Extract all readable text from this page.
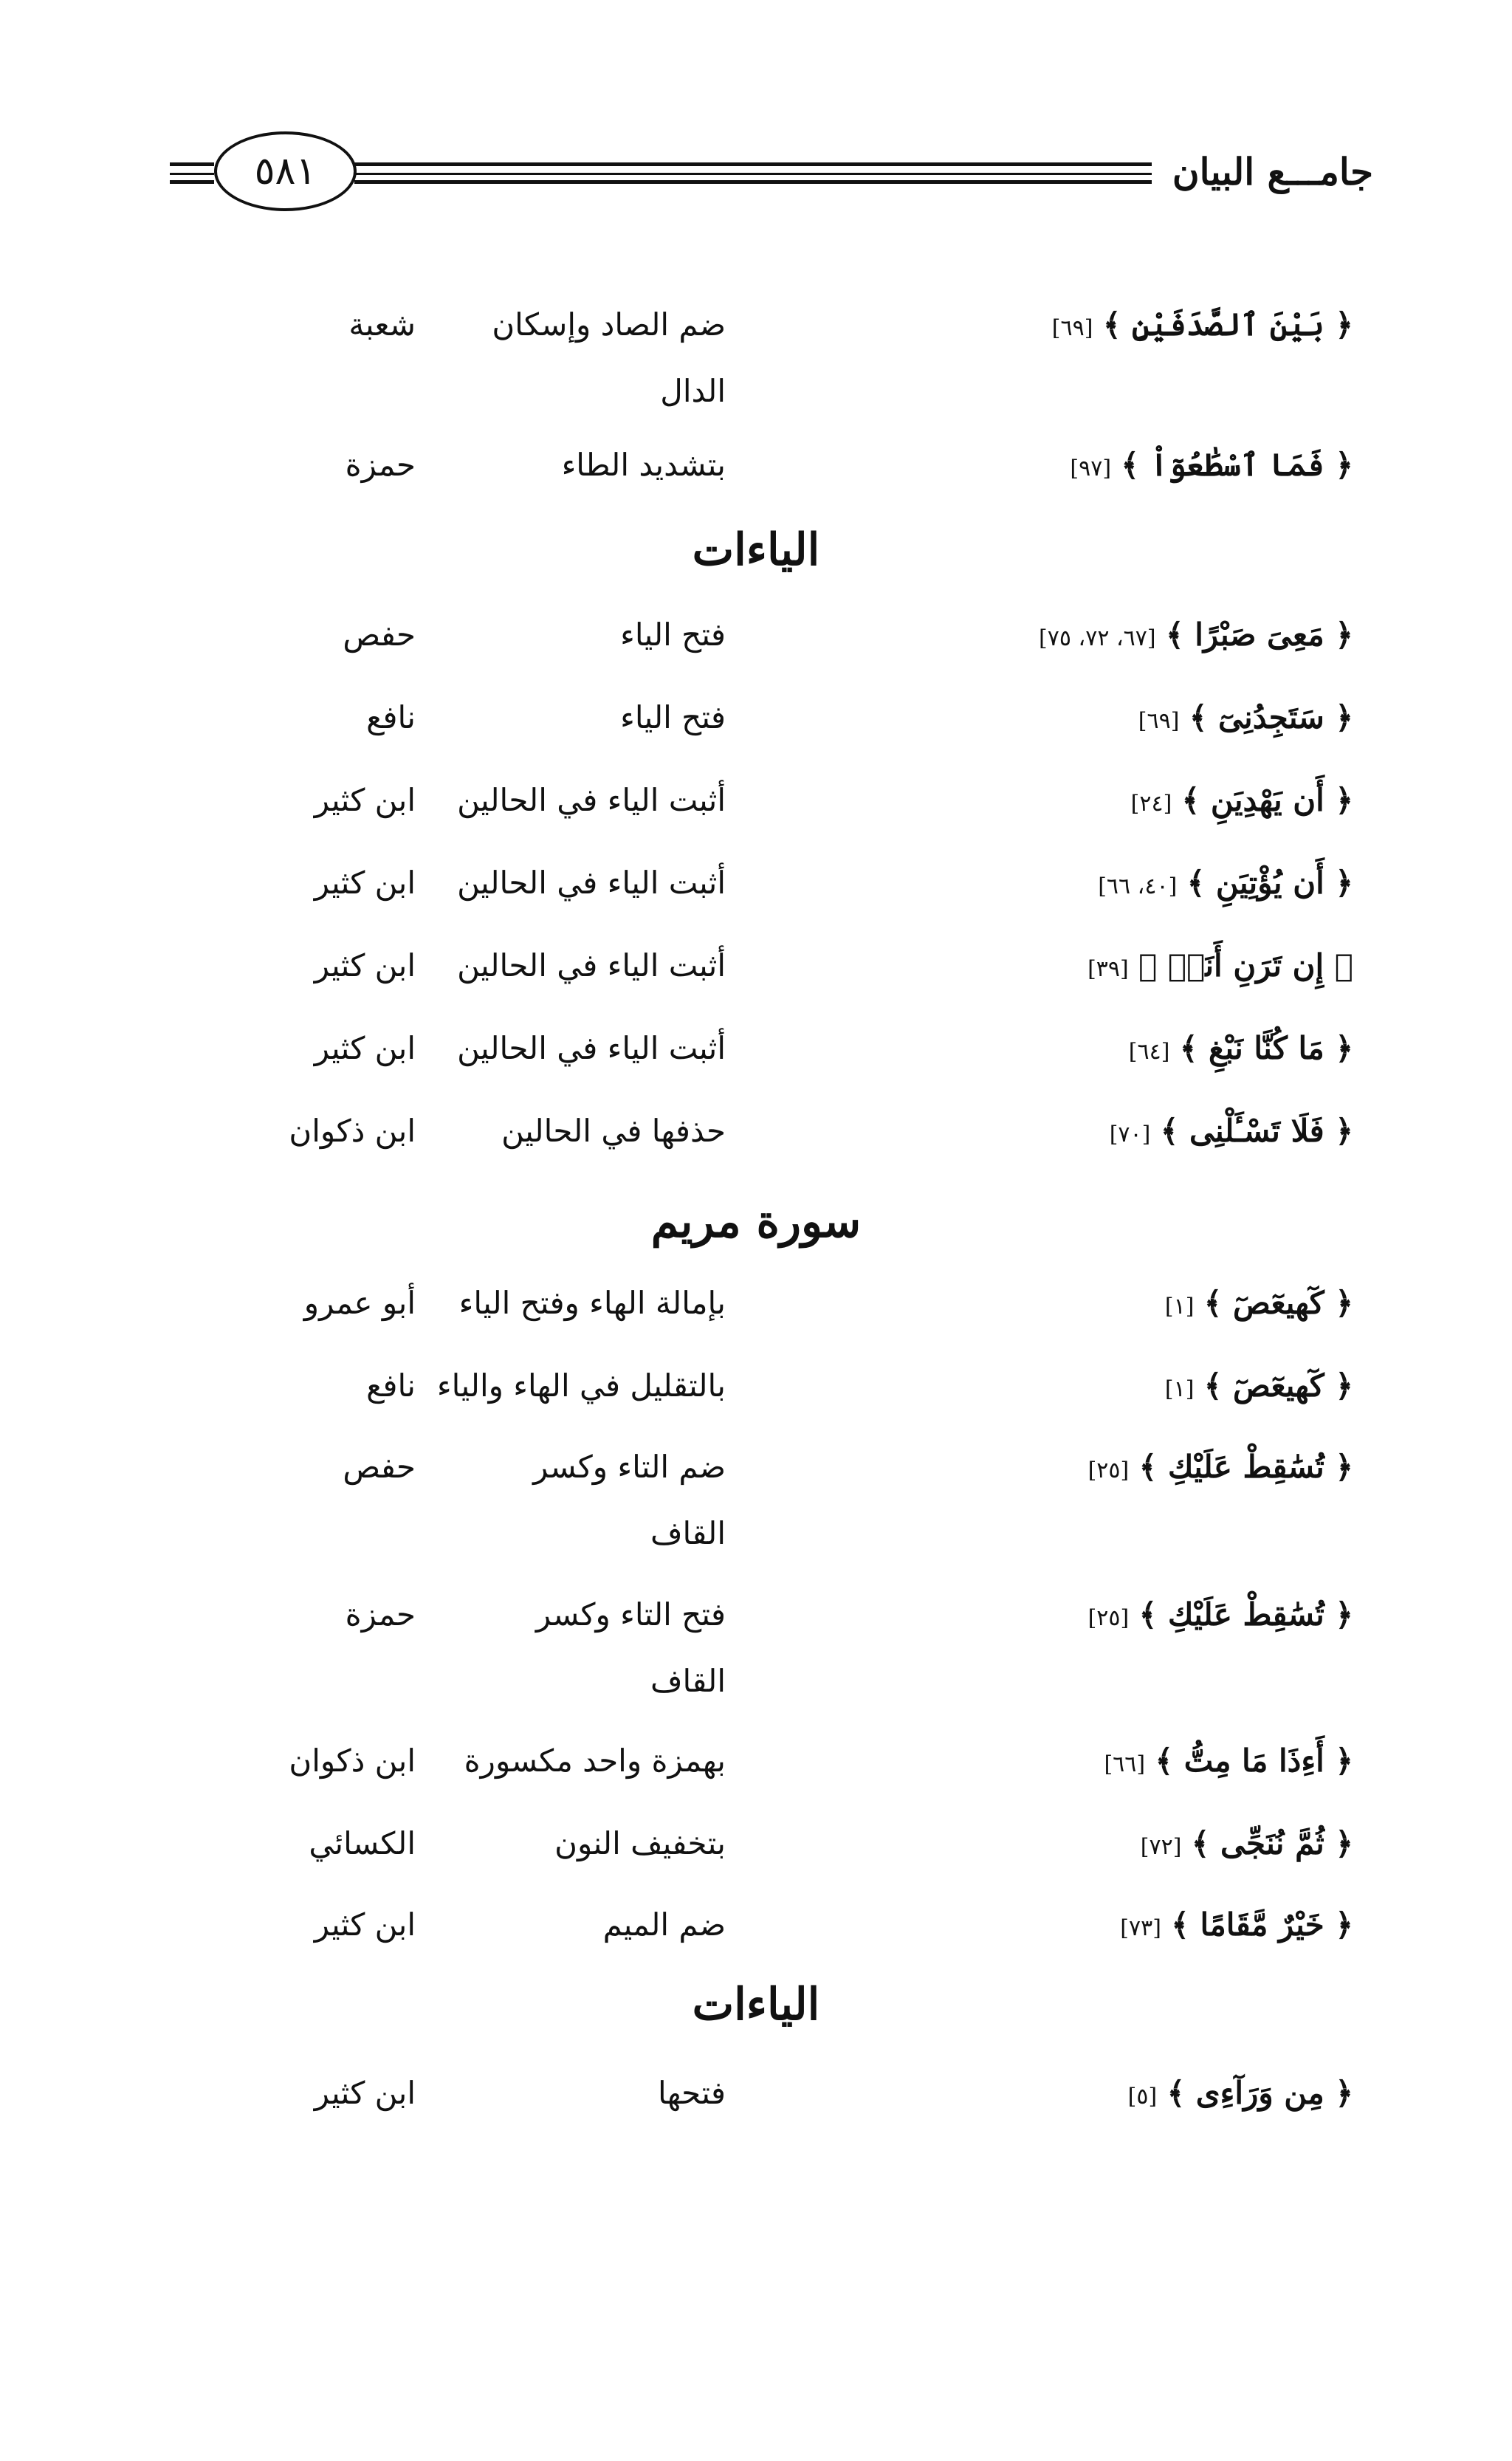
جامـــع البيان
٥٨١
﴿ بَيْنَ ٱلصَّدَفَيْنِ ﴾ [٦٩]
ضم الصاد وإسكان
شعبة
الدال
﴿ فَمَا ٱسْطَٰعُوٓاْ ﴾ [٩٧]
بتشديد الطاء
حمزة
الياءات
﴿ مَعِىَ صَبْرًا ﴾ [٦٧، ٧٢، ٧٥]
فتح الياء
حفص
﴿ سَتَجِدُنِىٓ ﴾ [٦٩]
فتح الياء
نافع
﴿ أَن يَهْدِيَنِ ﴾ [٢٤]
أثبت الياء في الحالين
ابن كثير
﴿ أَن يُؤْتِيَنِ ﴾ [٤٠، ٦٦]
أثبت الياء في الحالين
ابن كثير
﴿ إِن تَرَنِ أَنَا۠ ﴾ [٣٩]
أثبت الياء في الحالين
ابن كثير
﴿ مَا كُنَّا نَبْغِ ﴾ [٦٤]
أثبت الياء في الحالين
ابن كثير
﴿ فَلَا تَسْـَٔلْنِى ﴾ [٧٠]
حذفها في الحالين
ابن ذكوان
سورة مريم
﴿ كٓهيعٓصٓ ﴾ [١]
بإمالة الهاء وفتح الياء
أبو عمرو
﴿ كٓهيعٓصٓ ﴾ [١]
بالتقليل في الهاء والياء
نافع
﴿ تُسَٰقِطْ عَلَيْكِ ﴾ [٢٥]
ضم التاء وكسر
حفص
القاف
﴿ تُسَٰقِطْ عَلَيْكِ ﴾ [٢٥]
فتح التاء وكسر
حمزة
القاف
﴿ أَءِذَا مَا مِتُّ ﴾ [٦٦]
بهمزة واحد مكسورة
ابن ذكوان
﴿ ثُمَّ نُنَجِّى ﴾ [٧٢]
بتخفيف النون
الكسائي
﴿ خَيْرٌ مَّقَامًا ﴾ [٧٣]
ضم الميم
ابن كثير
الياءات
﴿ مِن وَرَآءِى ﴾ [٥]
فتحها
ابن كثير
